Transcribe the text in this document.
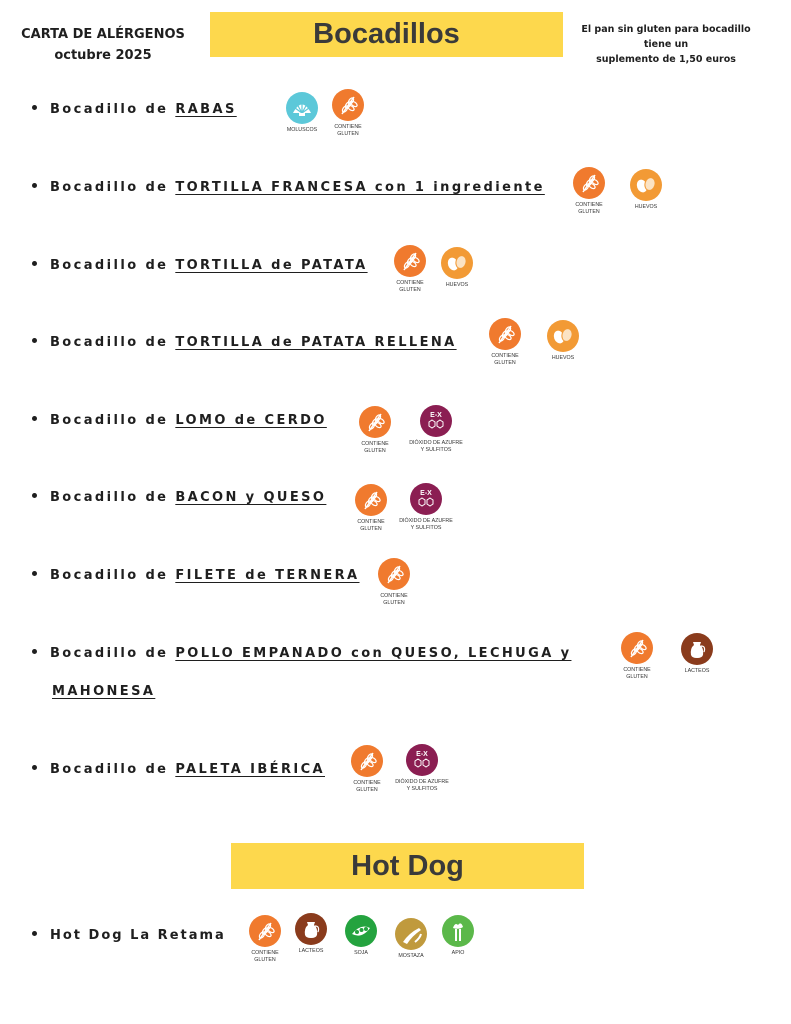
CARTA DE ALÉRGENOS
octubre 2025
Bocadillos	El pan sin gluten para bocadillo tiene un
suplemento de 1,50 euros
Bocadillo de RABAS
MOLUSCOS	CONTIENE
GLUTEN
Bocadillo de TORTILLA FRANCESA con 1 ingrediente
CONTIENE
GLUTEN
HUEVOS
Bocadillo de TORTILLA de PATATA
CONTIENE
GLUTEN
HUEVOS
Bocadillo de TORTILLA de PATATA RELLENA
CONTIENE
GLUTEN
HUEVOS
Bocadillo de LOMO de CERDO
CONTIENE
GLUTEN
E-X
DIÓXIDO DE AZUFRE
Y SULFITOS
Bocadillo de BACON y QUESO
CONTIENE
GLUTEN
E-X
DIÓXIDO DE AZUFRE
Y SULFITOS
Bocadillo de FILETE de TERNERA
CONTIENE
GLUTEN
Bocadillo de POLLO EMPANADO con QUESO, LECHUGA y
MAHONESA
CONTIENE
GLUTEN
LACTEOS
Bocadillo de PALETA IBÉRICA
CONTIENE
GLUTEN
E-X
DIÓXIDO DE AZUFRE
Y SULFITOS
Hot Dog
Hot Dog La Retama
CONTIENE
GLUTEN
LACTEOS	SOJA	MOSTAZA	APIO
